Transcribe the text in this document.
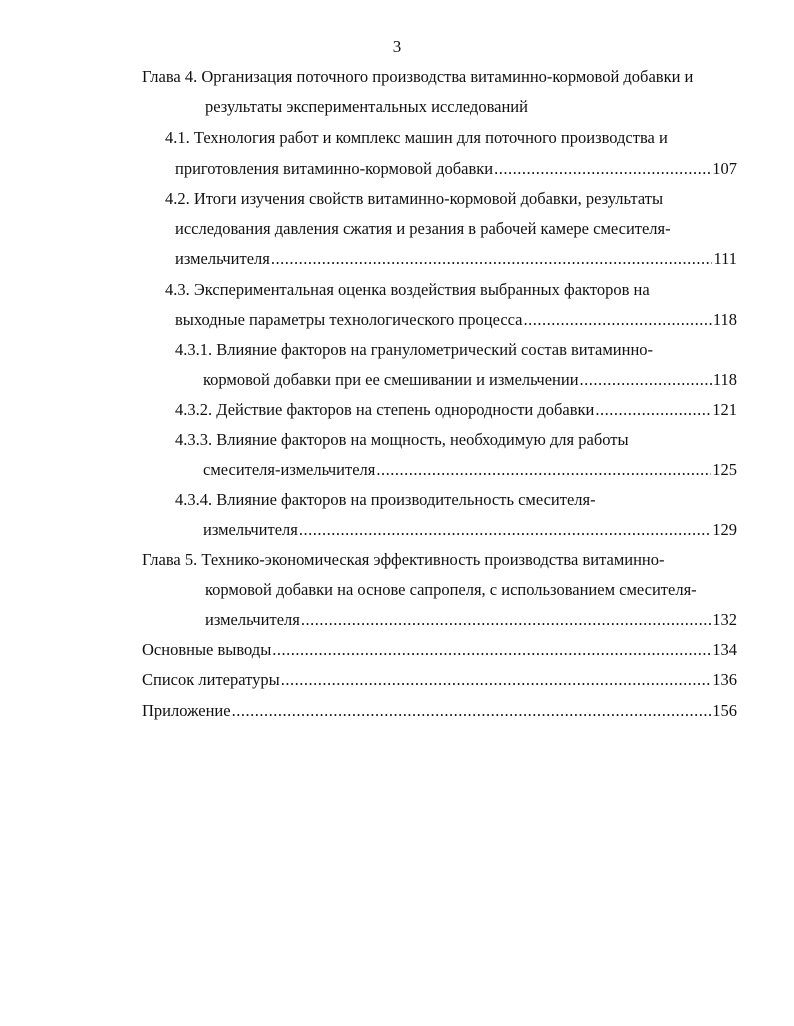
3
Глава 4. Организация поточного производства витаминно-кормовой добавки и
результаты экспериментальных исследований
4.1. Технология работ и комплекс машин для поточного производства и
приготовления витаминно-кормовой добавки .....	107
4.2. Итоги изучения свойств витаминно-кормовой добавки, результаты
исследования давления сжатия и резания в рабочей камере смесителя-
измельчителя .....	111
4.3. Экспериментальная оценка воздействия выбранных факторов на
выходные параметры технологического процесса .....	118
4.3.1. Влияние факторов на гранулометрический состав витаминно-
кормовой добавки при ее смешивании и измельчении .....	118
4.3.2. Действие факторов на степень однородности добавки .....	121
4.3.3. Влияние факторов на мощность, необходимую для работы
смесителя-измельчителя .....	125
4.3.4. Влияние факторов на производительность смесителя-
измельчителя .....	129
Глава 5. Технико-экономическая эффективность производства витаминно-
кормовой добавки на основе сапропеля, с использованием смесителя-
измельчителя .....	132
Основные выводы .....	134
Список литературы .....	136
Приложение .....	156
